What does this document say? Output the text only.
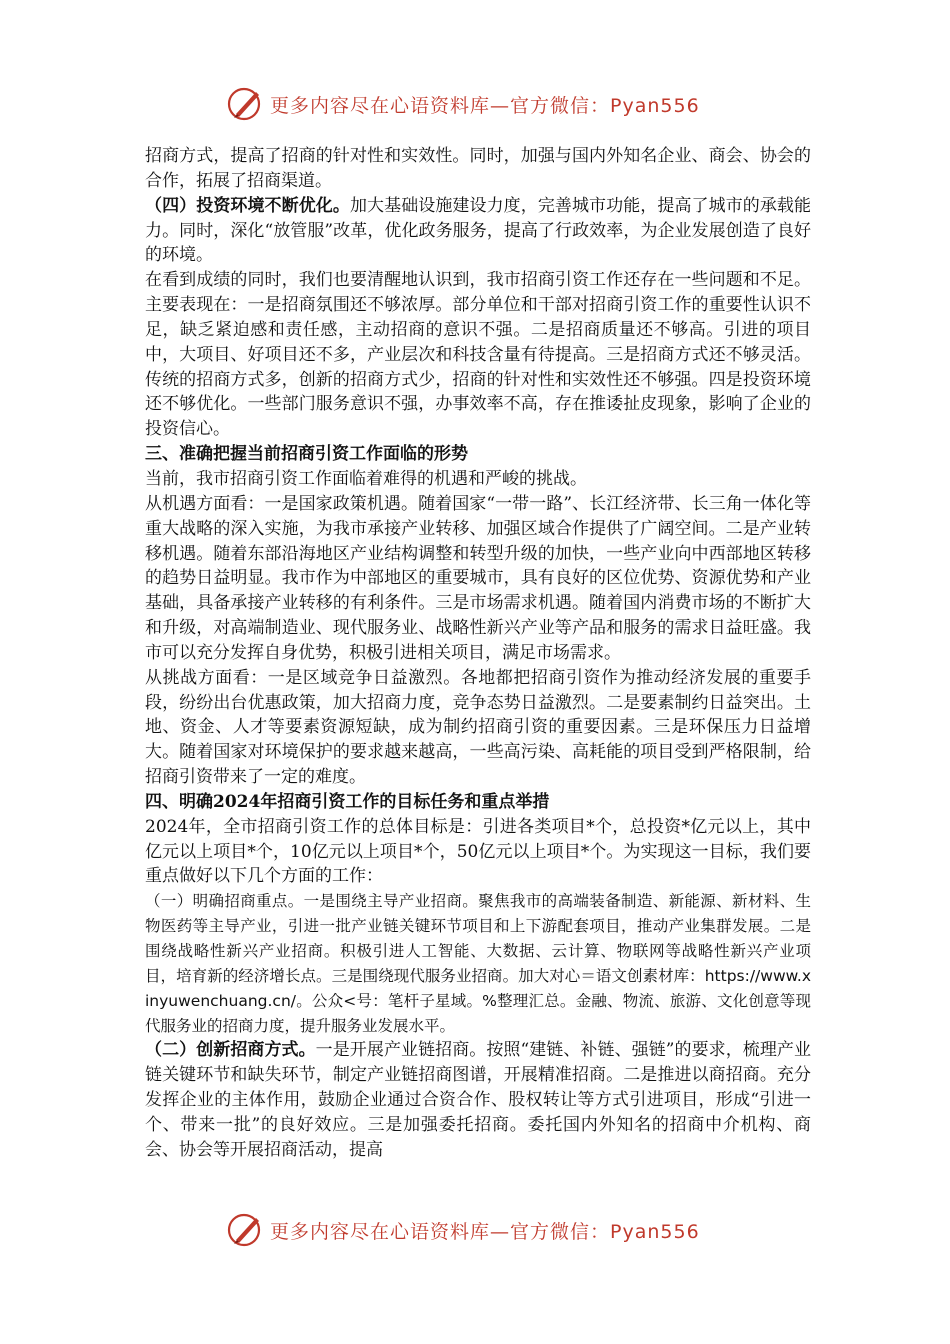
更多内容尽在心语资料库—官方微信：Pyan556

招商方式，提高了招商的针对性和实效性。同时，加强与国内外知名企业、商会、协会的合作，拓展了招商渠道。

（四）投资环境不断优化。加大基础设施建设力度，完善城市功能，提高了城市的承载能力。同时，深化“放管服”改革，优化政务服务，提高了行政效率，为企业发展创造了良好的环境。

在看到成绩的同时，我们也要清醒地认识到，我市招商引资工作还存在一些问题和不足。主要表现在：一是招商氛围还不够浓厚。部分单位和干部对招商引资工作的重要性认识不足，缺乏紧迫感和责任感，主动招商的意识不强。二是招商质量还不够高。引进的项目中，大项目、好项目还不多，产业层次和科技含量有待提高。三是招商方式还不够灵活。传统的招商方式多，创新的招商方式少，招商的针对性和实效性还不够强。四是投资环境还不够优化。一些部门服务意识不强，办事效率不高，存在推诿扯皮现象，影响了企业的投资信心。

三、准确把握当前招商引资工作面临的形势

当前，我市招商引资工作面临着难得的机遇和严峻的挑战。

从机遇方面看：一是国家政策机遇。随着国家“一带一路”、长江经济带、长三角一体化等重大战略的深入实施，为我市承接产业转移、加强区域合作提供了广阔空间。二是产业转移机遇。随着东部沿海地区产业结构调整和转型升级的加快，一些产业向中西部地区转移的趋势日益明显。我市作为中部地区的重要城市，具有良好的区位优势、资源优势和产业基础，具备承接产业转移的有利条件。三是市场需求机遇。随着国内消费市场的不断扩大和升级，对高端制造业、现代服务业、战略性新兴产业等产品和服务的需求日益旺盛。我市可以充分发挥自身优势，积极引进相关项目，满足市场需求。

从挑战方面看：一是区域竞争日益激烈。各地都把招商引资作为推动经济发展的重要手段，纷纷出台优惠政策，加大招商力度，竞争态势日益激烈。二是要素制约日益突出。土地、资金、人才等要素资源短缺，成为制约招商引资的重要因素。三是环保压力日益增大。随着国家对环境保护的要求越来越高，一些高污染、高耗能的项目受到严格限制，给招商引资带来了一定的难度。

四、明确2024年招商引资工作的目标任务和重点举措

2024年，全市招商引资工作的总体目标是：引进各类项目*个，总投资*亿元以上，其中亿元以上项目*个，10亿元以上项目*个，50亿元以上项目*个。为实现这一目标，我们要重点做好以下几个方面的工作：

（一）明确招商重点。一是围绕主导产业招商。聚焦我市的高端装备制造、新能源、新材料、生物医药等主导产业，引进一批产业链关键环节项目和上下游配套项目，推动产业集群发展。二是围绕战略性新兴产业招商。积极引进人工智能、大数据、云计算、物联网等战略性新兴产业项目，培育新的经济增长点。三是围绕现代服务业招商。加大对心＝语文创素材库：https://www.xinyuwenchuang.cn/。公众<号：笔杆子星域。%整理汇总。金融、物流、旅游、文化创意等现代服务业的招商力度，提升服务业发展水平。

（二）创新招商方式。一是开展产业链招商。按照“建链、补链、强链”的要求，梳理产业链关键环节和缺失环节，制定产业链招商图谱，开展精准招商。二是推进以商招商。充分发挥企业的主体作用，鼓励企业通过合资合作、股权转让等方式引进项目，形成“引进一个、带来一批”的良好效应。三是加强委托招商。委托国内外知名的招商中介机构、商会、协会等开展招商活动，提高

更多内容尽在心语资料库—官方微信：Pyan556
